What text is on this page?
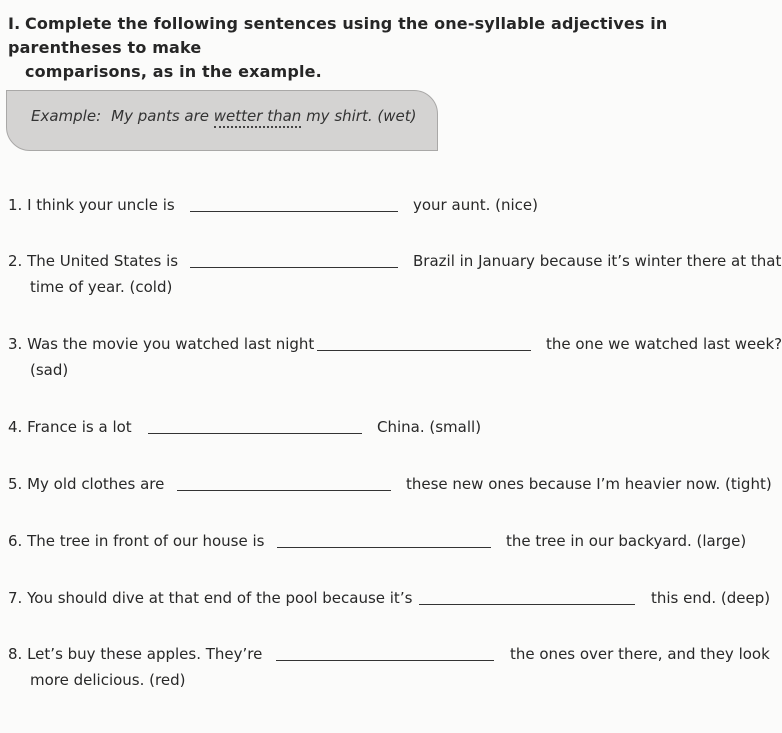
I. Complete the following sentences using the one-syllable adjectives in parentheses to make
comparisons, as in the example.
Example: My pants are wetter than my shirt. (wet)
1. I think your uncle is	your aunt. (nice)
2. The United States is	Brazil in January because it’s winter there at that
time of year. (cold)
3. Was the movie you watched last night	the one we watched last week?
(sad)
4. France is a lot	China. (small)
5. My old clothes are	these new ones because I’m heavier now. (tight)
6. The tree in front of our house is	the tree in our backyard. (large)
7. You should dive at that end of the pool because it’s	this end. (deep)
8. Let’s buy these apples. They’re	the ones over there, and they look
more delicious. (red)
